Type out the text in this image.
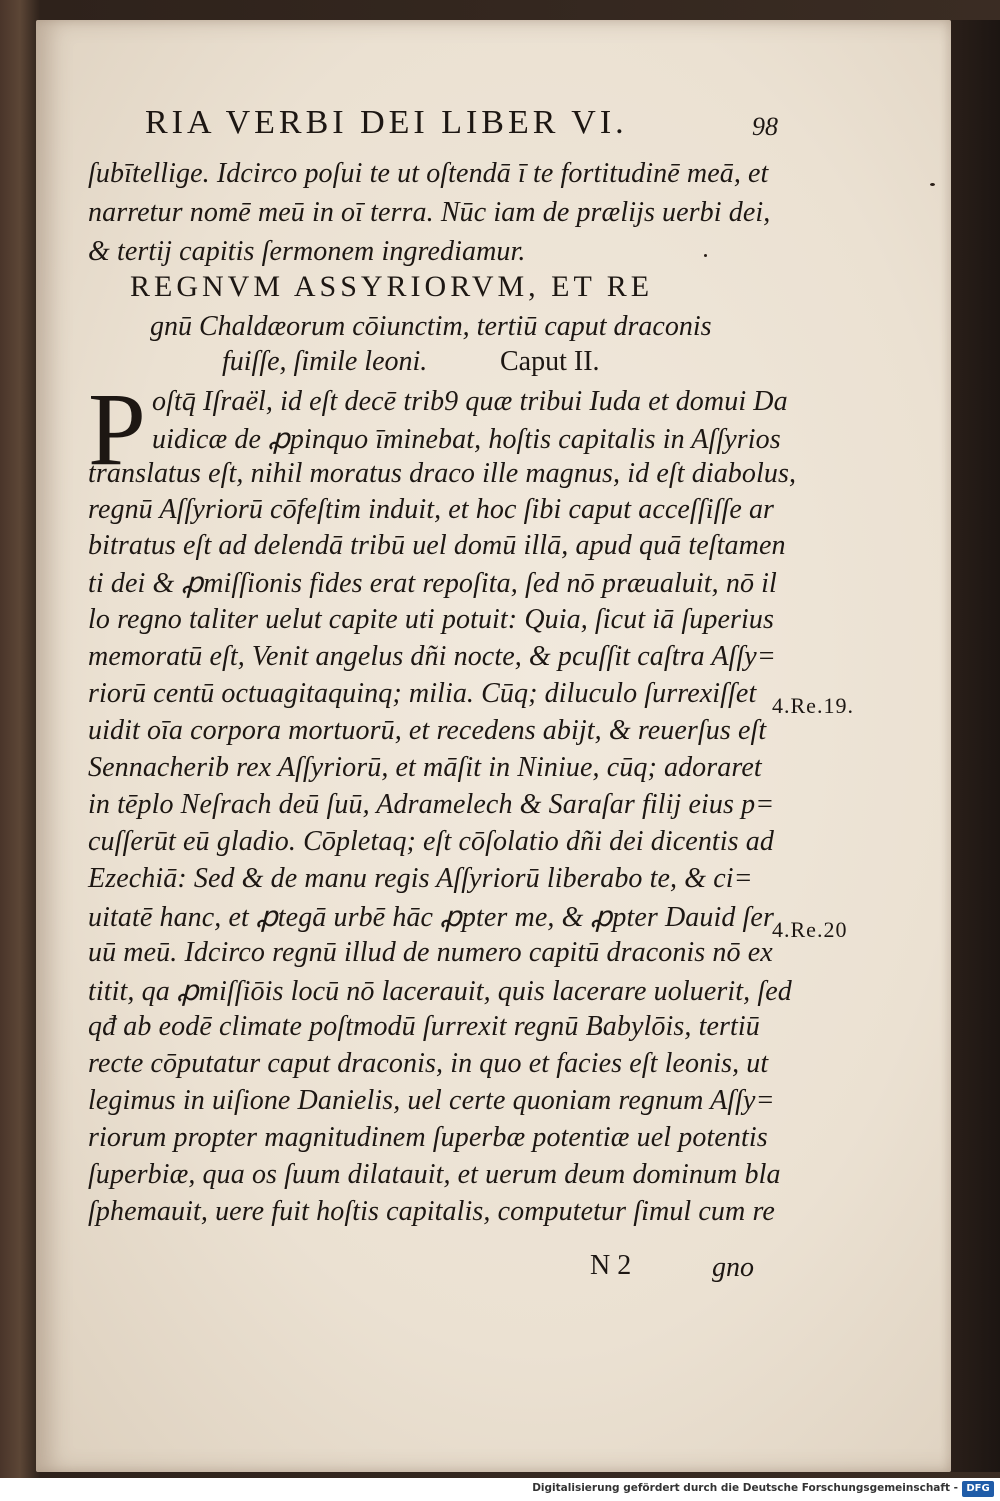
RIA VERBI DEI LIBER VI.	98
ſubītellige. Idcirco poſui te ut oſtendā ī te fortitudinē meā, et
narretur nomē meū in oī terra. Nūc iam de prælijs uerbi dei,
& tertij capitis ſermonem ingrediamur.
REGNVM ASSYRIORVM, ET RE
gnū Chaldæorum cōiunctim, tertiū caput draconis
fuiſſe, ſimile leoni.	Caput II.
P oſtq̄ Iſraël, id eſt decē trib9 quæ tribui Iuda et domui Da
uidicæ de ꝓpinquo īminebat, hoſtis capitalis in Aſſyrios
translatus eſt, nihil moratus draco ille magnus, id eſt diabolus,
regnū Aſſyriorū cōfeſtim induit, et hoc ſibi caput acceſſiſſe ar
bitratus eſt ad delendā tribū uel domū illā, apud quā teſtamen
ti dei & ꝓmiſſionis fides erat repoſita, ſed nō præualuit, nō il
lo regno taliter uelut capite uti potuit: Quia, ſicut iā ſuperius
memoratū eſt, Venit angelus dñi nocte, & pcuſſit caſtra Aſſy=
riorū centū octuagitaquinq; milia. Cūq; diluculo ſurrexiſſet
uidit oīa corpora mortuorū, et recedens abijt, & reuerſus eſt
Sennacherib rex Aſſyriorū, et māſit in Niniue, cūq; adoraret
in tēplo Neſrach deū ſuū, Adramelech & Saraſar filij eius p=
cuſſerūt eū gladio. Cōpletaq; eſt cōſolatio dñi dei dicentis ad
Ezechiā: Sed & de manu regis Aſſyriorū liberabo te, & ci=
uitatē hanc, et ꝓtegā urbē hāc ꝓpter me, & ꝓpter Dauid ſer
uū meū. Idcirco regnū illud de numero capitū draconis nō ex
titit, qa ꝓmiſſiōis locū nō lacerauit, quis lacerare uoluerit, ſed
qđ ab eodē climate poſtmodū ſurrexit regnū Babylōis, tertiū
recte cōputatur caput draconis, in quo et facies eſt leonis, ut
legimus in uiſione Danielis, uel certe quoniam regnum Aſſy=
riorum propter magnitudinem ſuperbæ potentiæ uel potentis
ſuperbiæ, qua os ſuum dilatauit, et uerum deum dominum bla
ſphemauit, uere fuit hoſtis capitalis, computetur ſimul cum re
4.Re.19.
4.Re.20
N 2	gno
Digitalisierung gefördert durch die Deutsche Forschungsgemeinschaft - DFG
